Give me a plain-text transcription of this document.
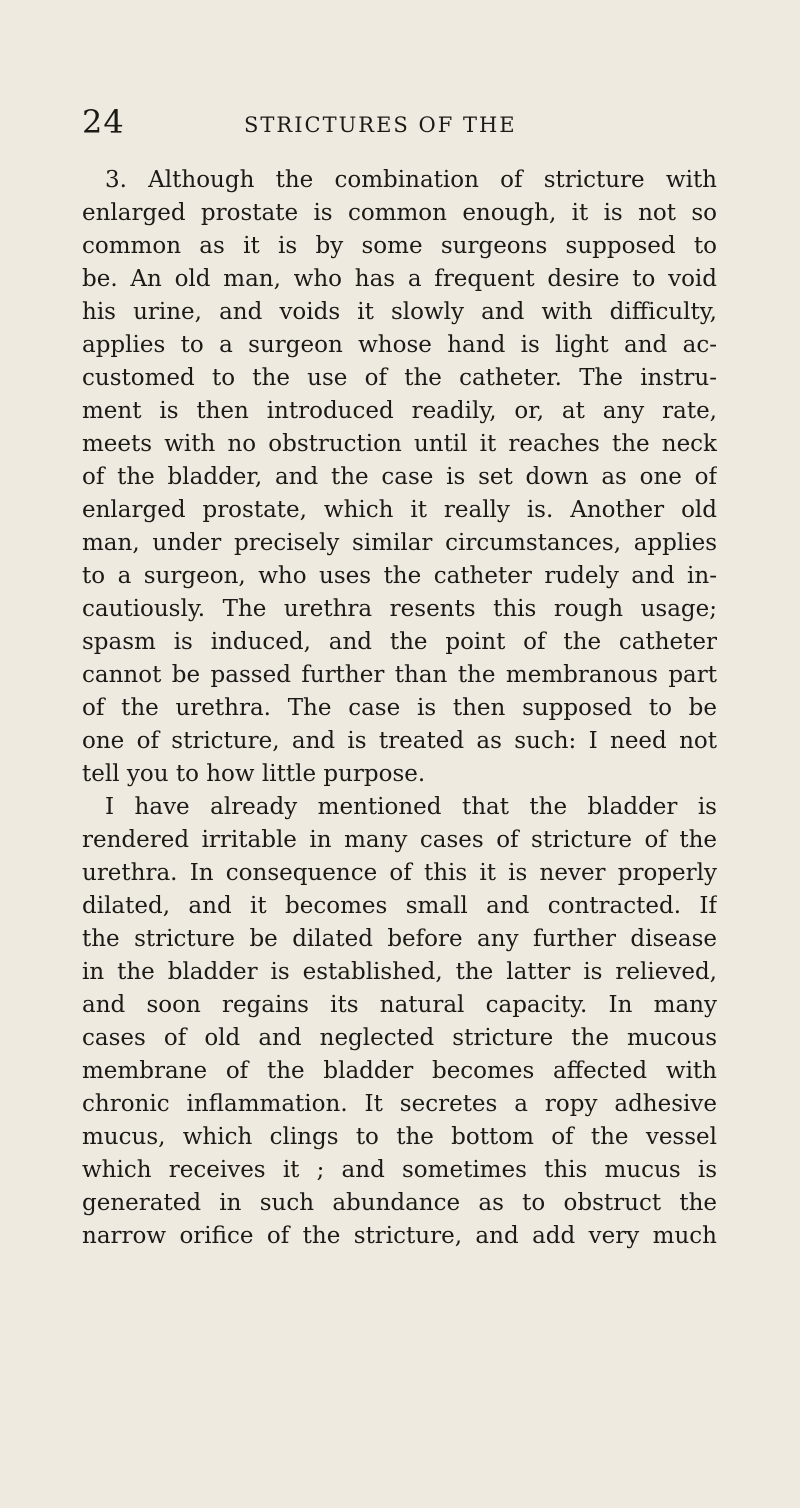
24	STRICTURES OF THE
3. Although the combination of stricture with
enlarged prostate is common enough, it is not so
common as it is by some surgeons supposed to
be. An old man, who has a frequent desire to void
his urine, and voids it slowly and with difficulty,
applies to a surgeon whose hand is light and ac-
customed to the use of the catheter. The instru-
ment is then introduced readily, or, at any rate,
meets with no obstruction until it reaches the neck
of the bladder, and the case is set down as one of
enlarged prostate, which it really is. Another old
man, under precisely similar circumstances, applies
to a surgeon, who uses the catheter rudely and in-
cautiously. The urethra resents this rough usage;
spasm is induced, and the point of the catheter
cannot be passed further than the membranous part
of the urethra. The case is then supposed to be
one of stricture, and is treated as such: I need not
tell you to how little purpose.
I have already mentioned that the bladder is
rendered irritable in many cases of stricture of the
urethra. In consequence of this it is never properly
dilated, and it becomes small and contracted. If
the stricture be dilated before any further disease
in the bladder is established, the latter is relieved,
and soon regains its natural capacity. In many
cases of old and neglected stricture the mucous
membrane of the bladder becomes affected with
chronic inflammation. It secretes a ropy adhesive
mucus, which clings to the bottom of the vessel
which receives it ; and sometimes this mucus is
generated in such abundance as to obstruct the
narrow orifice of the stricture, and add very much
